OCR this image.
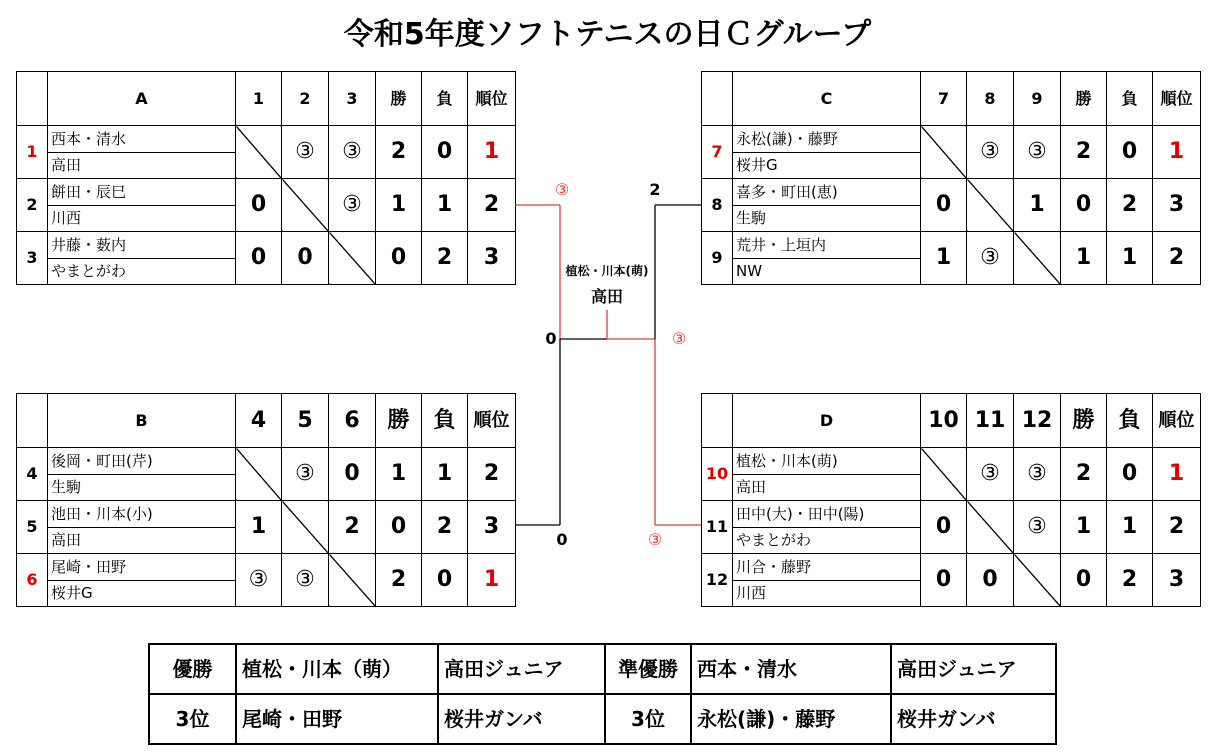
令和5年度ソフトテニスの日Ｃグループ
	A	1	2	3	勝	負	順位
1	西本・清水		③	③	2	0	1
	高田						
2	餅田・辰巳	0		③	1	1	2
	川西						
3	井藤・薮内	0	0		0	2	3
	やまとがわ						
	C	7	8	9	勝	負	順位
7	永松(謙)・藤野		③	③	2	0	1
	桜井G						
8	喜多・町田(恵)	0		1	0	2	3
	生駒						
9	荒井・上垣内	1	③		1	1	2
	NW						
	B	4	5	6	勝	負	順位
4	後岡・町田(芹)		③	0	1	1	2
	生駒						
5	池田・川本(小)	1		2	0	2	3
	高田						
6	尾崎・田野	③	③		2	0	1
	桜井G						
	D	10	11	12	勝	負	順位
10	植松・川本(萌)		③	③	2	0	1
	高田						
11	田中(大)・田中(陽)	0		③	1	1	2
	やまとがわ						
12	川合・藤野	0	0		0	2	3
	川西						
③	2
植松・川本(萌)
高田
0	③
0	③
優勝	植松・川本（萌）	高田ジュニア	準優勝	西本・清水	高田ジュニア
3位	尾崎・田野	桜井ガンバ	3位	永松(謙)・藤野	桜井ガンバ
